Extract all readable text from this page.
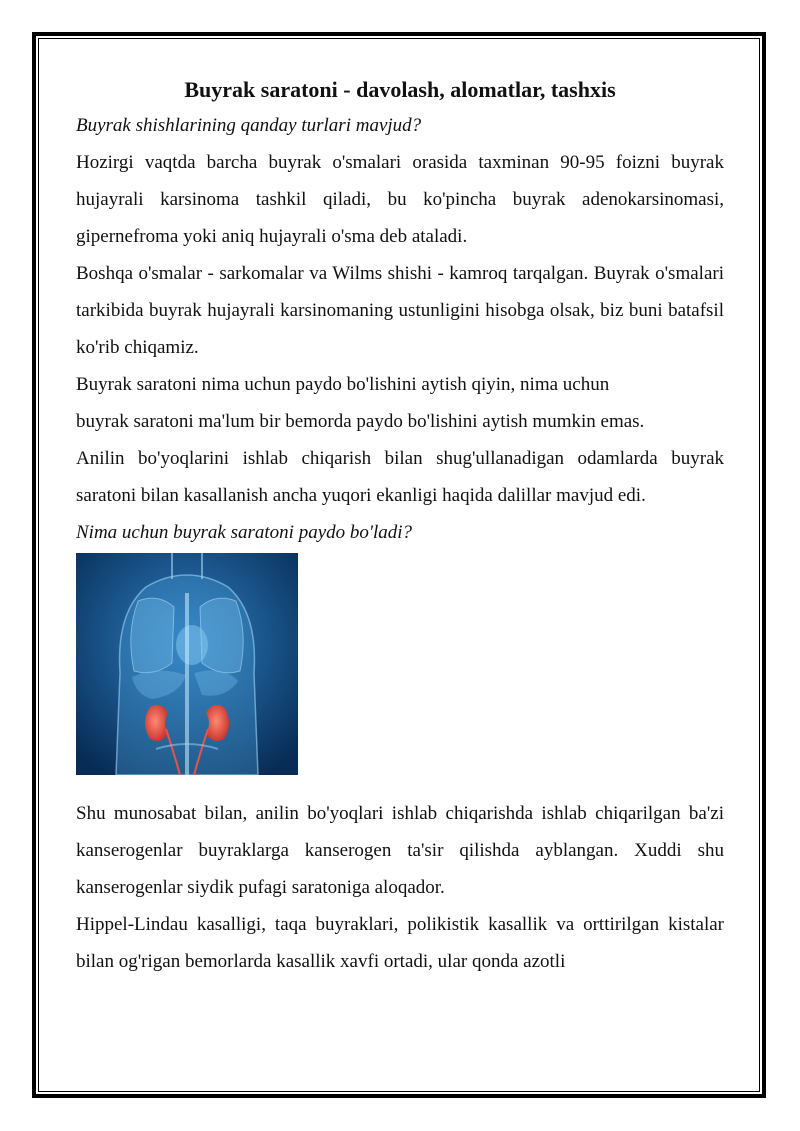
Buyrak saratoni - davolash, alomatlar, tashxis

Buyrak shishlarining qanday turlari mavjud?

Hozirgi vaqtda barcha buyrak o'smalari orasida taxminan 90-95 foizni buyrak hujayrali karsinoma tashkil qiladi, bu ko'pincha buyrak adenokarsinomasi, gipernefroma yoki aniq hujayrali o'sma deb ataladi.

Boshqa o'smalar - sarkomalar va Wilms shishi - kamroq tarqalgan. Buyrak o'smalari tarkibida buyrak hujayrali karsinomaning ustunligini hisobga olsak, biz buni batafsil ko'rib chiqamiz.

Buyrak saratoni nima uchun paydo bo'lishini aytish qiyin, nima uchun

buyrak saratoni ma'lum bir bemorda paydo bo'lishini aytish mumkin emas.

Anilin bo'yoqlarini ishlab chiqarish bilan shug'ullanadigan odamlarda buyrak saratoni bilan kasallanish ancha yuqori ekanligi haqida dalillar mavjud edi.

Nima uchun buyrak saratoni paydo bo'ladi?

Shu munosabat bilan, anilin bo'yoqlari ishlab chiqarishda ishlab chiqarilgan ba'zi kanserogenlar buyraklarga kanserogen ta'sir qilishda ayblangan. Xuddi shu kanserogenlar siydik pufagi saratoniga aloqador.

Hippel-Lindau kasalligi, taqa buyraklari, polikistik kasallik va orttirilgan kistalar bilan og'rigan bemorlarda kasallik xavfi ortadi, ular qonda azotli
